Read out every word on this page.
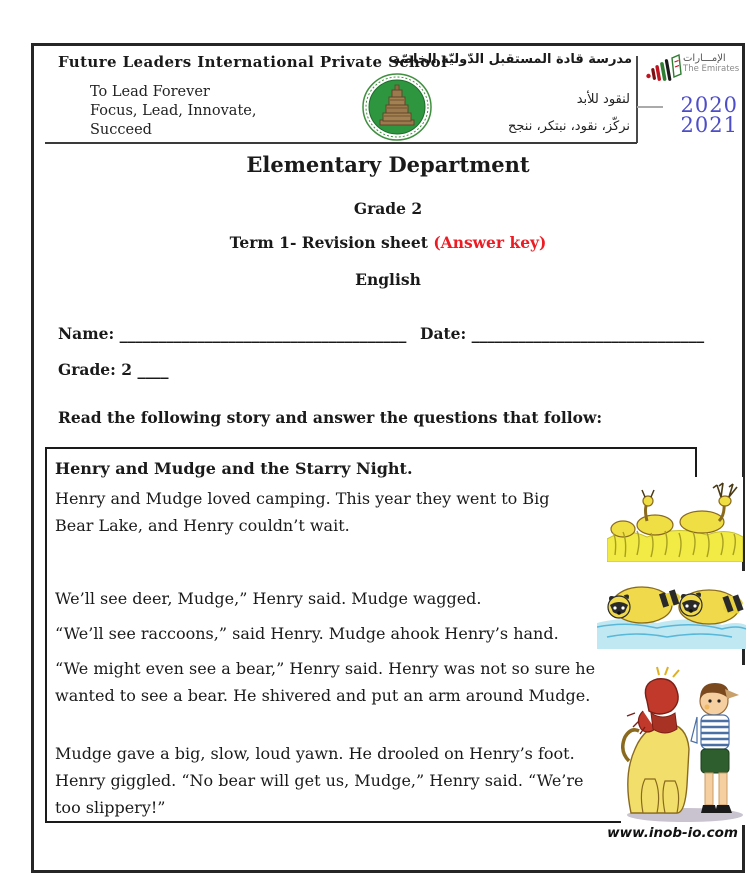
Future Leaders International Private School
مدرسة قادة المستقبل الدّوليّة الخاصّة
To Lead Forever
Focus, Lead, Innovate,
Succeed
لنقود للأبد
نركّز، نقود، نبتكر، ننجح
الإمـــارات
The Emirates
2020
2021
Elementary Department
Grade 2
Term 1- Revision sheet (Answer key)
English
Name: _____________________________________ Date: ______________________________
Grade: 2 ____
Read the following story and answer the questions that follow:
Henry and Mudge and the Starry Night.
Henry and Mudge loved camping. This year they went to Big
Bear Lake, and Henry couldn’t wait.
We’ll see deer, Mudge,” Henry said. Mudge wagged.
“We’ll see raccoons,” said Henry. Mudge ahook Henry’s hand.
“We might even see a bear,” Henry said. Henry was not so sure he
wanted to see a bear. He shivered and put an arm around Mudge.
Mudge gave a big, slow, loud yawn. He drooled on Henry’s foot.
Henry giggled. “No bear will get us, Mudge,” Henry said. “We’re
too slippery!”
www.inob-io.com
